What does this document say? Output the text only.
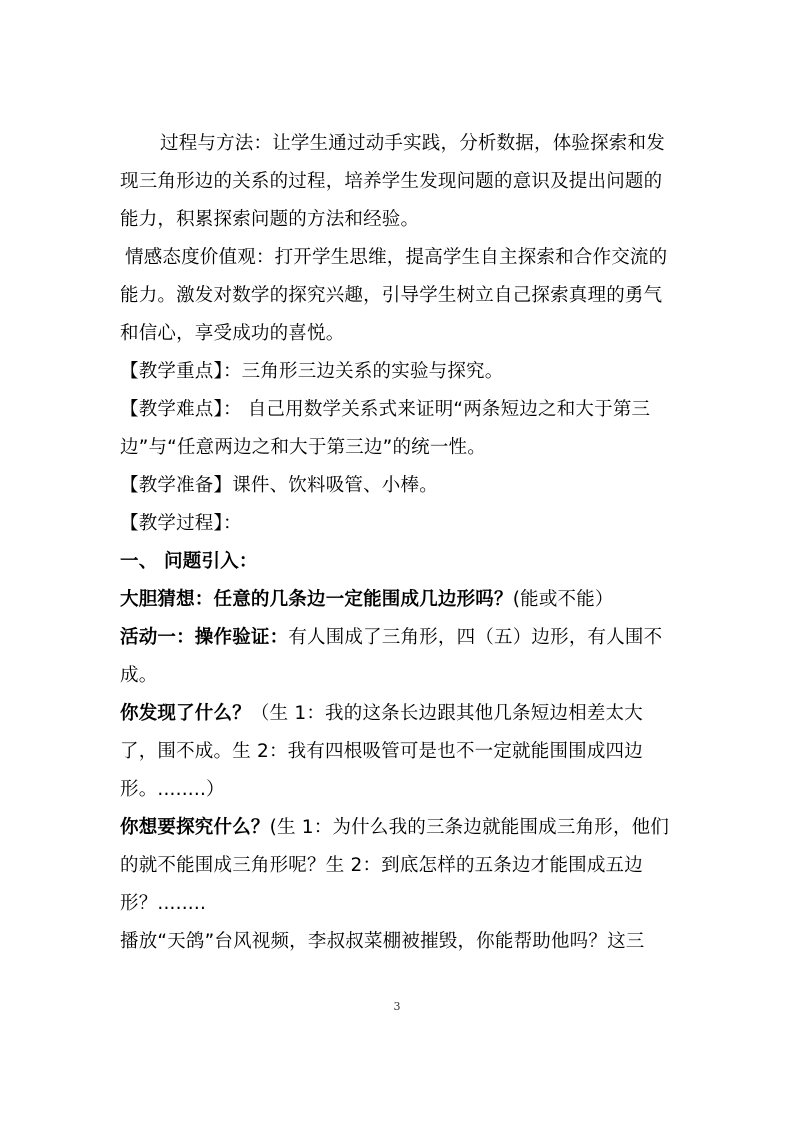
过程与方法：让学生通过动手实践，分析数据，体验探索和发
现三角形边的关系的过程，培养学生发现问题的意识及提出问题的
能力，积累探索问题的方法和经验。
情感态度价值观：打开学生思维，提高学生自主探索和合作交流的
能力。激发对数学的探究兴趣，引导学生树立自己探索真理的勇气
和信心，享受成功的喜悦。
【教学重点】：三角形三边关系的实验与探究。
【教学难点】： 自己用数学关系式来证明“两条短边之和大于第三
边”与“任意两边之和大于第三边”的统一性。
【教学准备】课件、饮料吸管、小棒。
【教学过程】：
一、 问题引入：
大胆猜想：任意的几条边一定能围成几边形吗？(能或不能）
活动一：操作验证：有人围成了三角形，四（五）边形，有人围不
成。
你发现了什么？（生 1：我的这条长边跟其他几条短边相差太大
了，围不成。生 2：我有四根吸管可是也不一定就能围围成四边
形。........）
你想要探究什么？(生 1：为什么我的三条边就能围成三角形，他们
的就不能围成三角形呢？生 2：到底怎样的五条边才能围成五边
形？........
播放“天鸽”台风视频，李叔叔菜棚被摧毁，你能帮助他吗？这三
3
